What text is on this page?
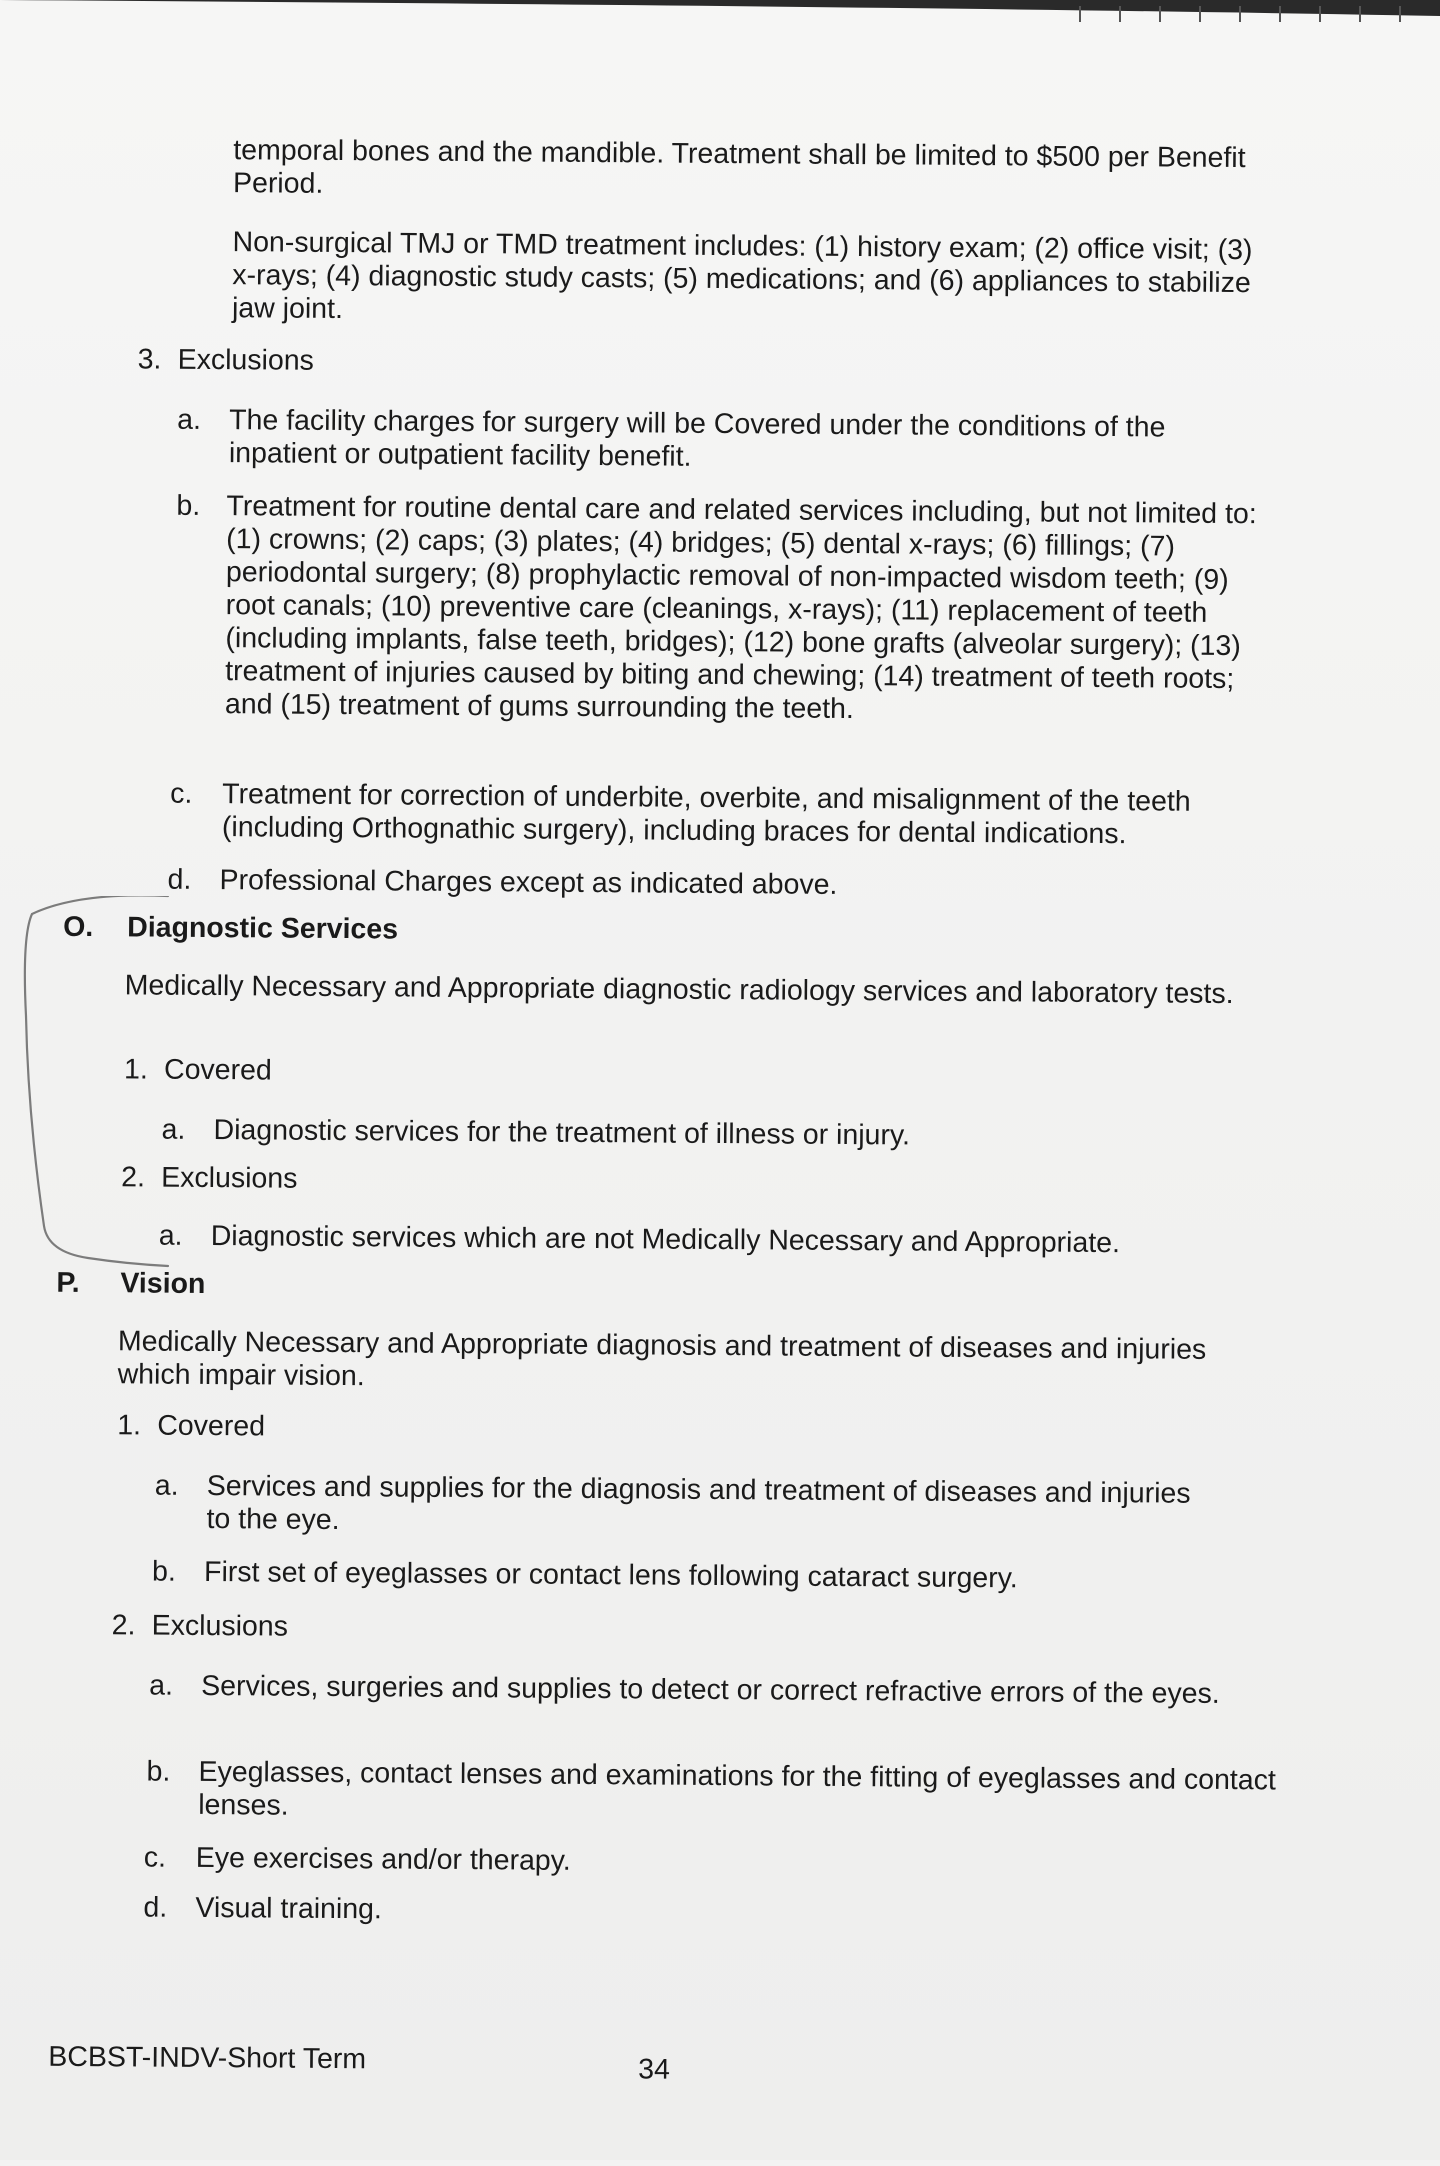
temporal bones and the mandible. Treatment shall be limited to $500 per Benefit Period.

Non-surgical TMJ or TMD treatment includes: (1) history exam; (2) office visit; (3) x-rays; (4) diagnostic study casts; (5) medications; and (6) appliances to stabilize jaw joint.

3. Exclusions
a. The facility charges for surgery will be Covered under the conditions of the inpatient or outpatient facility benefit.

b. Treatment for routine dental care and related services including, but not limited to: (1) crowns; (2) caps; (3) plates; (4) bridges; (5) dental x-rays; (6) fillings; (7) periodontal surgery; (8) prophylactic removal of non-impacted wisdom teeth; (9) root canals; (10) preventive care (cleanings, x-rays); (11) replacement of teeth (including implants, false teeth, bridges); (12) bone grafts (alveolar surgery); (13) treatment of injuries caused by biting and chewing; (14) treatment of teeth roots; and (15) treatment of gums surrounding the teeth.

c. Treatment for correction of underbite, overbite, and misalignment of the teeth (including Orthognathic surgery), including braces for dental indications.

d. Professional Charges except as indicated above.

O. Diagnostic Services

Medically Necessary and Appropriate diagnostic radiology services and laboratory tests.

1. Covered
a. Diagnostic services for the treatment of illness or injury.

2. Exclusions
a. Diagnostic services which are not Medically Necessary and Appropriate.

P. Vision

Medically Necessary and Appropriate diagnosis and treatment of diseases and injuries which impair vision.

1. Covered
a. Services and supplies for the diagnosis and treatment of diseases and injuries to the eye.

b. First set of eyeglasses or contact lens following cataract surgery.

2. Exclusions
a. Services, surgeries and supplies to detect or correct refractive errors of the eyes.

b. Eyeglasses, contact lenses and examinations for the fitting of eyeglasses and contact lenses.

c. Eye exercises and/or therapy.

d. Visual training.

BCBST-INDV-Short Term	34
